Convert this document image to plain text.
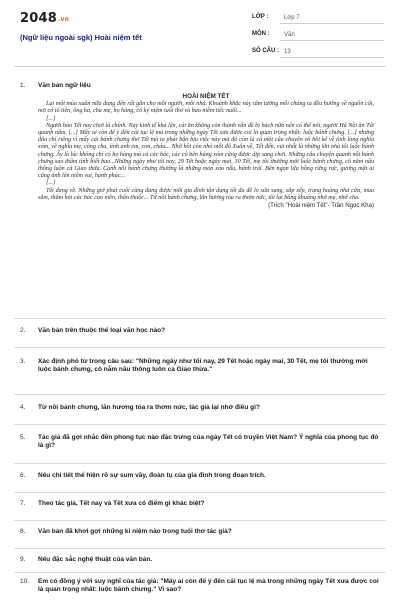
2048.vn
(Ngữ liệu ngoài sgk) Hoài niệm tết
LỚP :	Lớp 7
MÔN :	Văn
SỐ CÂU : 13
1.	Văn bản ngữ liệu
HOÀI NIỆM TẾT

Lại một mùa xuân nữa đang đến rất gần cho mỗi người, mỗi nhà. Khoảnh khắc này tâm tưởng mỗi chúng ta đều hướng về nguồn cội, nơi có tổ tiên, ông bà, cha mẹ, họ hàng, có kỷ niệm tuổi thơ và bao niềm tiếc nuối...

[...]

Người bảo Tết nay chơi là chính. Nay kinh tế khá lên, cái ăn không còn thành vấn đề bị bách nữa nên có thể nói, người Hà Nội ăn Tết quanh năm. [...] Mấy ai còn để ý đến cái tục lệ mà trong những ngày Tết xưa được coi là quan trọng nhất: luộc bánh chưng. [...] nhưng đâu chỉ riêng vì mấy cái bánh chưng thơ Tết mà ta phải bận bịu việc này mà đó còn là cả một câu chuyện vô hồi kể về tình làng nghĩa xóm, về nghĩa mẹ, công cha, tình anh em, con, cháu... Nhớ hồi còn nhỏ mỗi độ Xuân về, Tết đến, vui nhất là những khi nhà tôi luộc bánh chưng. Ấy là lúc không chỉ có họ hàng mà cả các bác, các cô bên hàng xóm cũng được dịp sang chơi. Những câu chuyện quanh nồi bánh chưng sao thấm tình biết bao...Những ngày như tối nay, 29 Tết hoặc ngày mai, 30 Tết, mẹ tôi thường mới luộc bánh chưng, cô nằm nấu thông luôn cả Giao thừa. Cạnh nồi bánh chưng thường là những món xào nấu, bánh trái. Bên ngọn lửa hồng rừng rực, gương mặt ai cũng ánh lên niềm vui, hạnh phúc...

[...]

Tết đang về. Những giờ phút cuối cùng đang được mỗi gia đình tận dụng tối đa để lo sửa sang, sắp xếp, trang hoàng nhà cửa, mua sắm, thăm hỏi các bác cao niên, thân thuộc... Từ nồi bánh chưng, lăn hương tỏa ra thơm nức, tôi lại bâng khuâng nhớ mẹ, nhớ cha.

(Trích "Hoài niệm Tết"- Trần Ngọc Kha)
2.	Văn bản trên thuộc thể loại văn học nào?
3.	Xác định phó từ trong câu sau: "Những ngày như tối nay, 29 Tết hoặc ngày mai, 30 Tết, mẹ tôi thường mới luộc bánh chưng, cô nằm nấu thông luôn cả Giao thừa."
4.	Từ nồi bánh chưng, lăn hương tỏa ra thơm nức, tác giả lại nhớ điều gì?
5.	Tác giả đã gợi nhắc đến phong tục nào đặc trưng của ngày Tết cổ truyền Việt Nam? Ý nghĩa của phong tục đó là gì?
6.	Nêu chi tiết thể hiện rõ sự sum vầy, đoàn tụ của gia đình trong đoạn trích.
7.	Theo tác giả, Tết nay và Tết xưa có điểm gì khác biệt?
8.	Văn bản đã khơi gợi những kỉ niệm nào trong tuổi thơ tác giả?
9.	Nêu đặc sắc nghệ thuật của văn bản.
10.	Em có đồng ý với suy nghĩ của tác giả: "Mấy ai còn để ý đến cái tục lệ mà trong những ngày Tết xưa được coi là quan trọng nhất: luộc bánh chưng." Vì sao?
